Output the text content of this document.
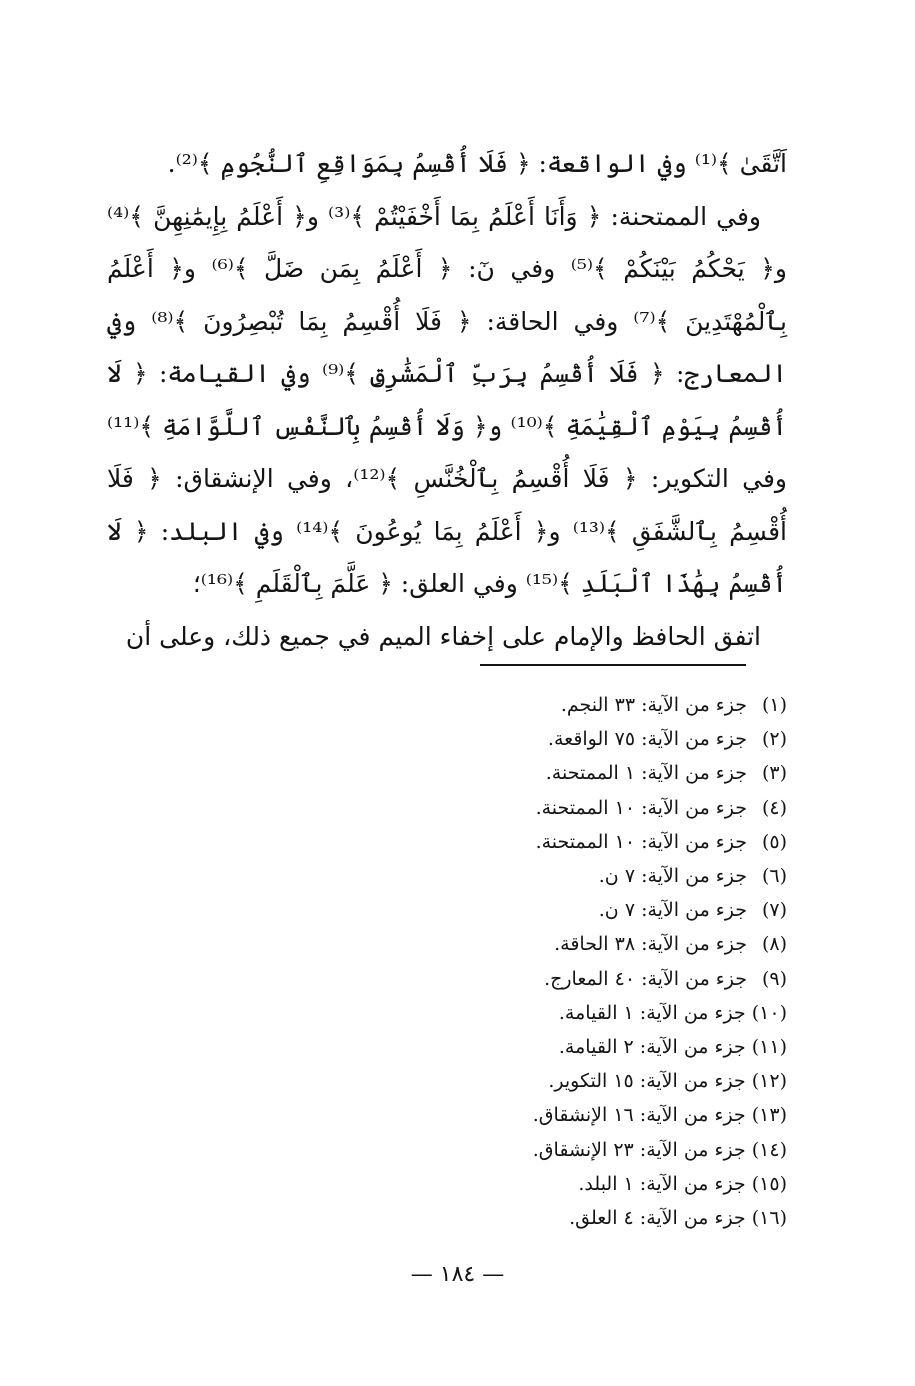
اَتَّقَىٰ ﴾⁽¹⁾ وفي الواقعة: ﴿ فَلَا أُقْسِمُ بِمَوَاقِعِ ٱلنُّجُومِ ﴾⁽²⁾.

وفي الممتحنة: ﴿ وَأَنَا أَعْلَمُ بِمَا أَخْفَيْتُمْ ﴾⁽³⁾ و﴿ أَعْلَمُ بِإِيمَٰنِهِنَّ ﴾⁽⁴⁾ و﴿ يَحْكُمُ بَيْنَكُمْ ﴾⁽⁵⁾ وفي نٓ: ﴿ أَعْلَمُ بِمَن ضَلَّ ﴾⁽⁶⁾ و﴿ أَعْلَمُ بِٱلْمُهْتَدِينَ ﴾⁽⁷⁾ وفي الحاقة: ﴿ فَلَا أُقْسِمُ بِمَا تُبْصِرُونَ ﴾⁽⁸⁾ وفي المعارج: ﴿ فَلَا أُقْسِمُ بِرَبِّ ٱلْمَشَٰرِقِ ﴾⁽⁹⁾ وفي القيامة: ﴿ لَا أُقْسِمُ بِيَوْمِ ٱلْقِيَٰمَةِ ﴾⁽¹⁰⁾ و﴿ وَلَا أُقْسِمُ بِٱلنَّفْسِ ٱللَّوَّامَةِ ﴾⁽¹¹⁾ وفي التكوير: ﴿ فَلَا أُقْسِمُ بِٱلْخُنَّسِ ﴾⁽¹²⁾، وفي الإنشقاق: ﴿ فَلَا أُقْسِمُ بِٱلشَّفَقِ ﴾⁽¹³⁾ و﴿ أَعْلَمُ بِمَا يُوعُونَ ﴾⁽¹⁴⁾ وفي البلد: ﴿ لَا أُقْسِمُ بِهَٰذَا ٱلْبَلَدِ ﴾⁽¹⁵⁾ وفي العلق: ﴿ عَلَّمَ بِٱلْقَلَمِ ﴾⁽¹⁶⁾؛

اتفق الحافظ والإمام على إخفاء الميم في جميع ذلك، وعلى أن

(١) جزء من الآية: ٣٣ النجم.
(٢) جزء من الآية: ٧٥ الواقعة.
(٣) جزء من الآية: ١ الممتحنة.
(٤) جزء من الآية: ١٠ الممتحنة.
(٥) جزء من الآية: ١٠ الممتحنة.
(٦) جزء من الآية: ٧ ن.
(٧) جزء من الآية: ٧ ن.
(٨) جزء من الآية: ٣٨ الحاقة.
(٩) جزء من الآية: ٤٠ المعارج.
(١٠) جزء من الآية: ١ القيامة.
(١١) جزء من الآية: ٢ القيامة.
(١٢) جزء من الآية: ١٥ التكوير.
(١٣) جزء من الآية: ١٦ الإنشقاق.
(١٤) جزء من الآية: ٢٣ الإنشقاق.
(١٥) جزء من الآية: ١ البلد.
(١٦) جزء من الآية: ٤ العلق.
— ١٨٤ —
